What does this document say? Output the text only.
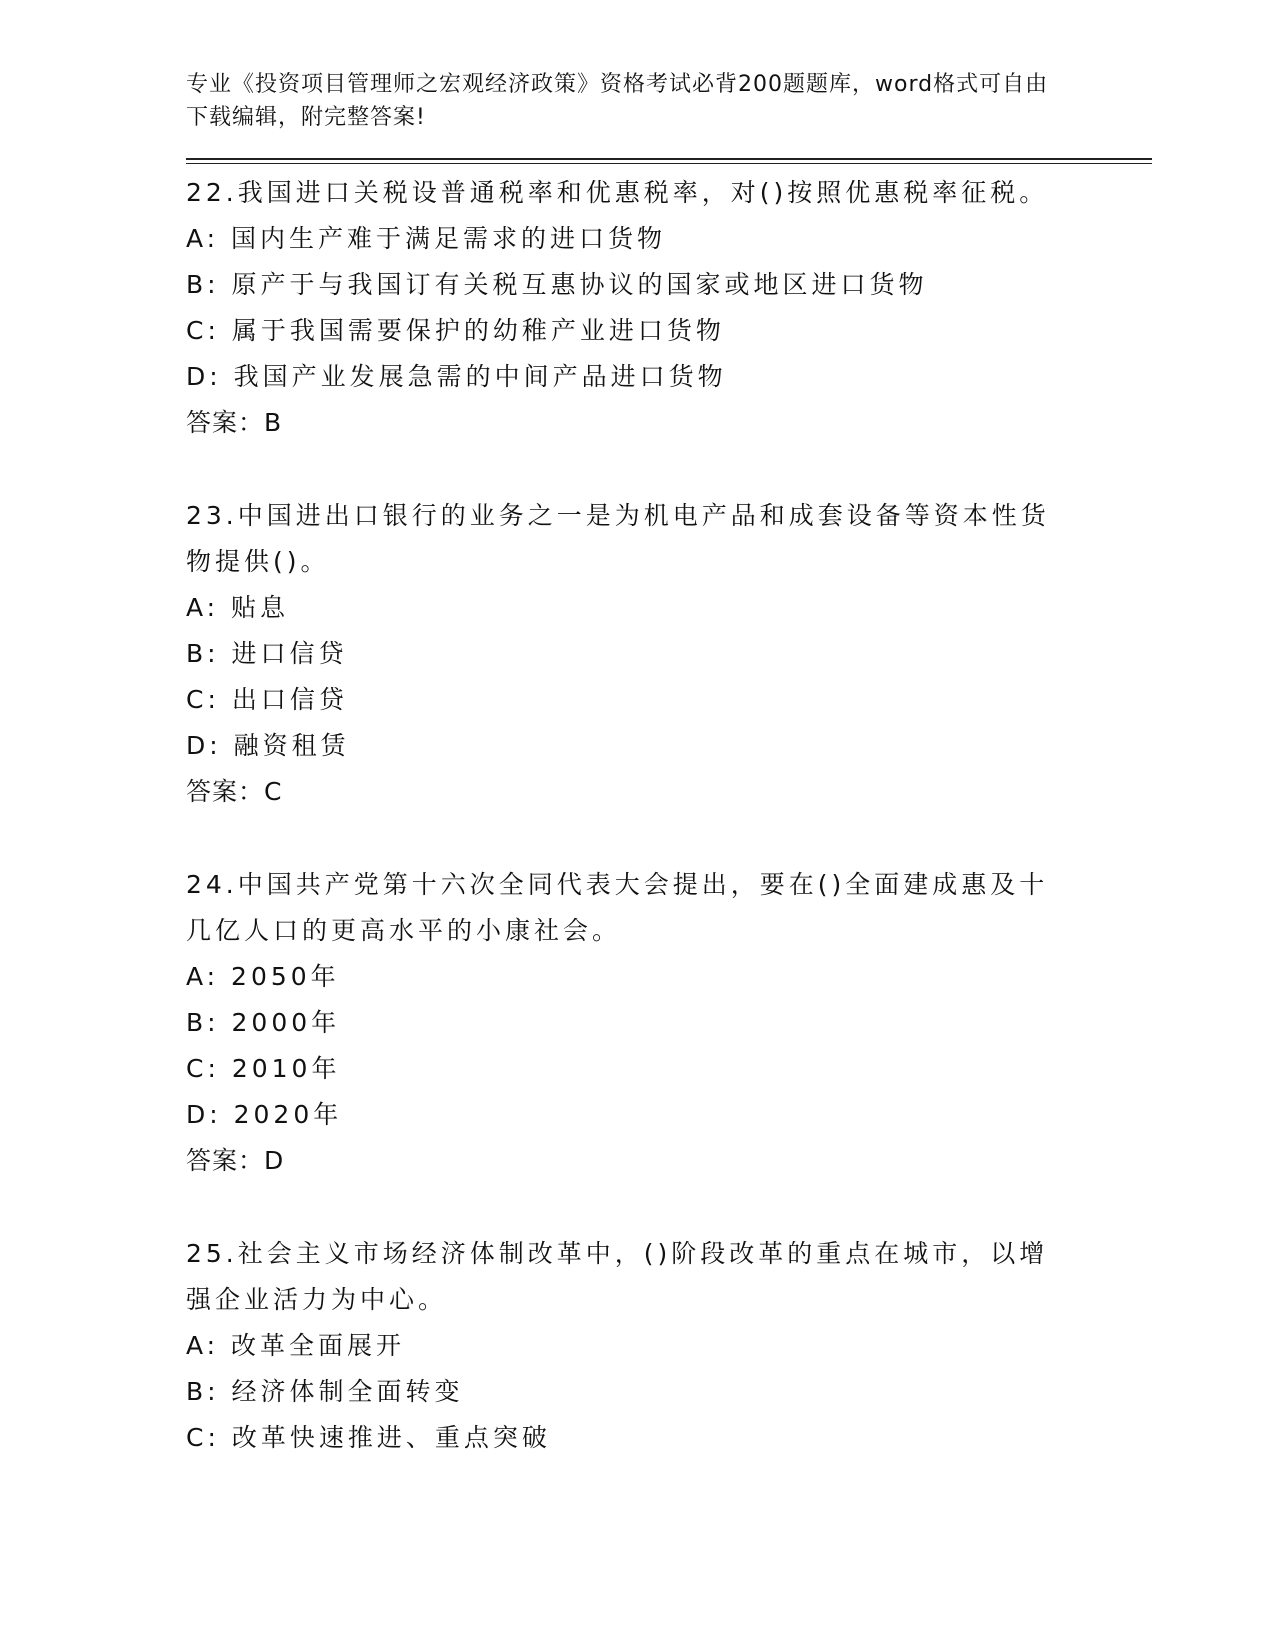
专业《投资项目管理师之宏观经济政策》资格考试必背200题题库，word格式可自由下载编辑，附完整答案!

22.我国进口关税设普通税率和优惠税率，对()按照优惠税率征税。

A: 国内生产难于满足需求的进口货物

B: 原产于与我国订有关税互惠协议的国家或地区进口货物

C: 属于我国需要保护的幼稚产业进口货物

D: 我国产业发展急需的中间产品进口货物

答案：B

23.中国进出口银行的业务之一是为机电产品和成套设备等资本性货物提供()。

A: 贴息

B: 进口信贷

C: 出口信贷

D: 融资租赁

答案：C

24.中国共产党第十六次全同代表大会提出，要在()全面建成惠及十几亿人口的更高水平的小康社会。

A: 2050年

B: 2000年

C: 2010年

D: 2020年

答案：D

25.社会主义市场经济体制改革中，()阶段改革的重点在城市，以增强企业活力为中心。

A: 改革全面展开

B: 经济体制全面转变

C: 改革快速推进、重点突破
